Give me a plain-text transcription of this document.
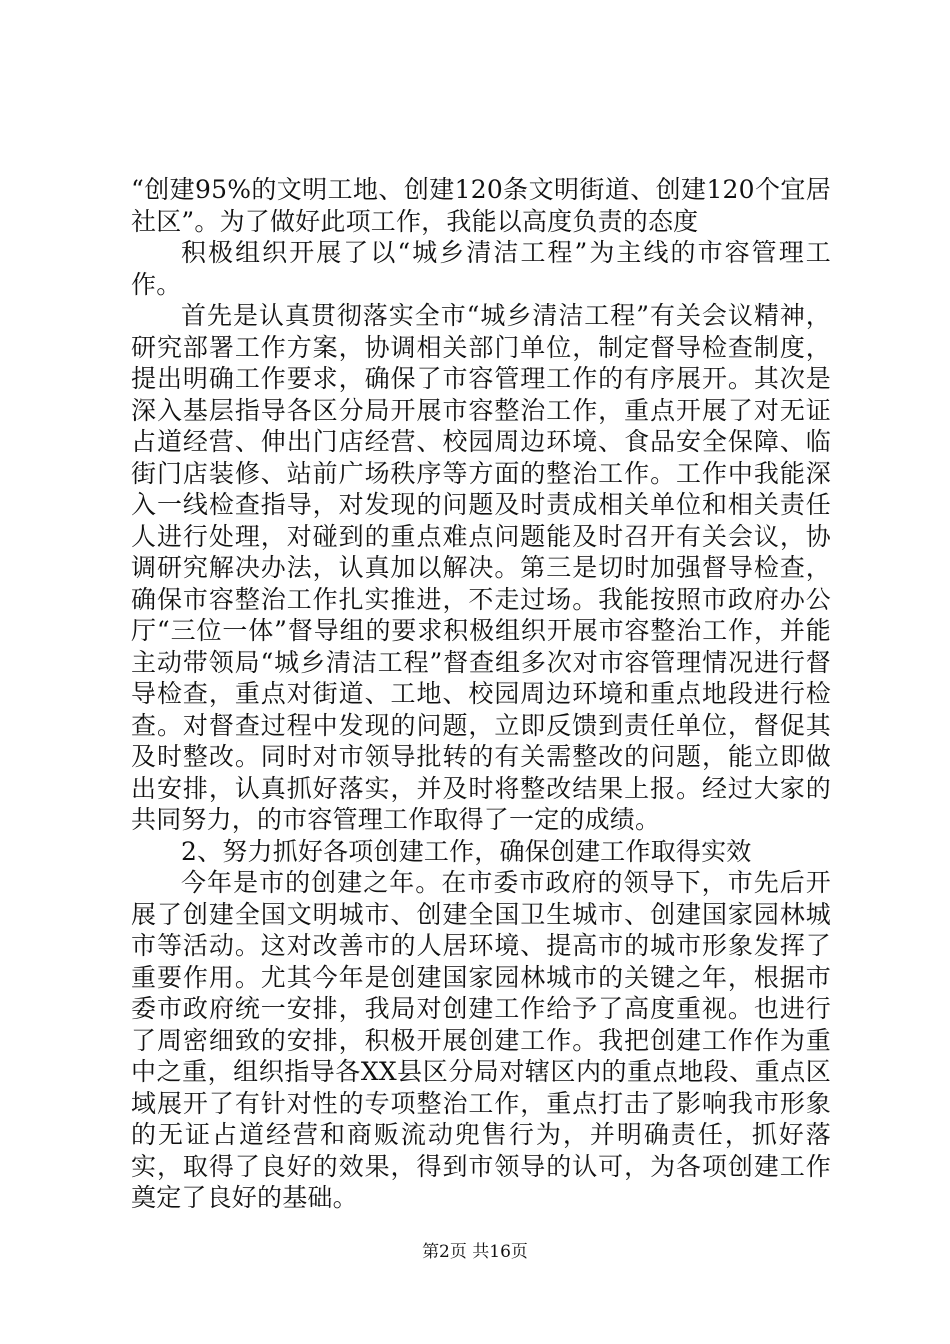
“创建95%的文明工地、创建120条文明街道、创建120个宜居社区”。为了做好此项工作，我能以高度负责的态度

积极组织开展了以“城乡清洁工程”为主线的市容管理工作。

首先是认真贯彻落实全市“城乡清洁工程”有关会议精神，研究部署工作方案，协调相关部门单位，制定督导检查制度，提出明确工作要求，确保了市容管理工作的有序展开。其次是深入基层指导各区分局开展市容整治工作，重点开展了对无证占道经营、伸出门店经营、校园周边环境、食品安全保障、临街门店装修、站前广场秩序等方面的整治工作。工作中我能深入一线检查指导，对发现的问题及时责成相关单位和相关责任人进行处理，对碰到的重点难点问题能及时召开有关会议，协调研究解决办法，认真加以解决。第三是切时加强督导检查，确保市容整治工作扎实推进，不走过场。我能按照市政府办公厅“三位一体”督导组的要求积极组织开展市容整治工作，并能主动带领局“城乡清洁工程”督查组多次对市容管理情况进行督导检查，重点对街道、工地、校园周边环境和重点地段进行检查。对督查过程中发现的问题，立即反馈到责任单位，督促其及时整改。同时对市领导批转的有关需整改的问题，能立即做出安排，认真抓好落实，并及时将整改结果上报。经过大家的共同努力，的市容管理工作取得了一定的成绩。

2、努力抓好各项创建工作，确保创建工作取得实效

今年是市的创建之年。在市委市政府的领导下，市先后开展了创建全国文明城市、创建全国卫生城市、创建国家园林城市等活动。这对改善市的人居环境、提高市的城市形象发挥了重要作用。尤其今年是创建国家园林城市的关键之年，根据市委市政府统一安排，我局对创建工作给予了高度重视。也进行了周密细致的安排，积极开展创建工作。我把创建工作作为重中之重，组织指导各XX县区分局对辖区内的重点地段、重点区域展开了有针对性的专项整治工作，重点打击了影响我市形象的无证占道经营和商贩流动兜售行为，并明确责任，抓好落实，取得了良好的效果，得到市领导的认可，为各项创建工作奠定了良好的基础。

第2页 共16页
